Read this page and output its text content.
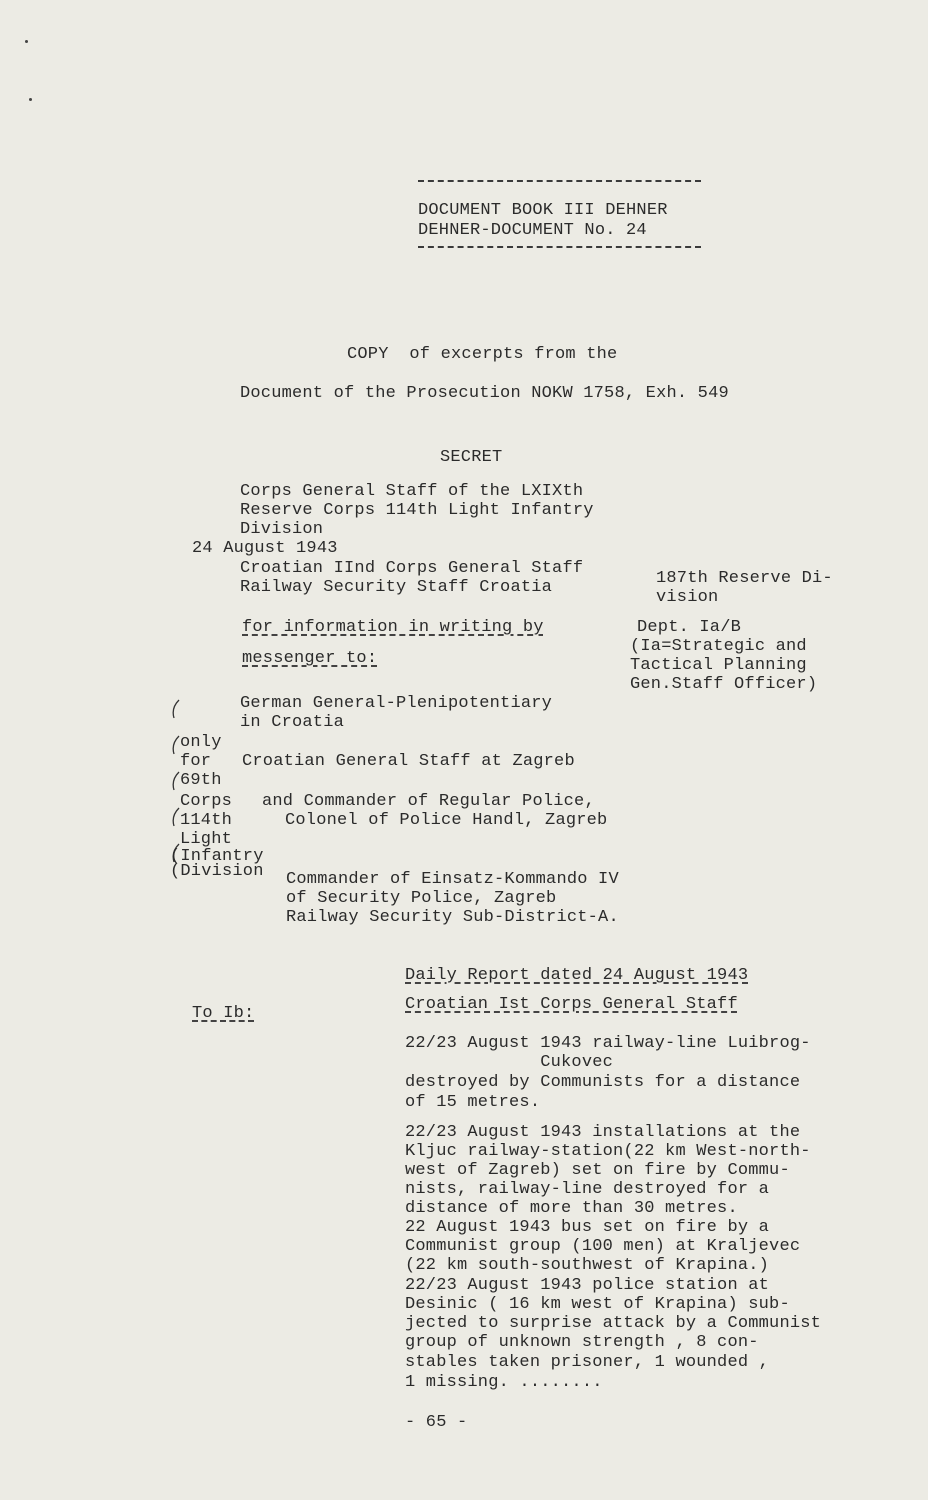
DOCUMENT BOOK III DEHNER
DEHNER-DOCUMENT No. 24
COPY  of excerpts from the
Document of the Prosecution NOKW 1758, Exh. 549
SECRET
Corps General Staff of the LXIXth
Reserve Corps 114th Light Infantry
Division
24 August 1943
Croatian IInd Corps General Staff
Railway Security Staff Croatia
for information in writing by
messenger to:
187th Reserve Di-
vision
Dept. Ia/B
(Ia=Strategic and
Tactical Planning
Gen.Staff Officer)
German General-Plenipotentiary
in Croatia
only
for Croatian General Staff at Zagreb
69th
Corps and Commander of Regular Police,
114th	Colonel of Police Handl, Zagreb
Light
(Infantry
(Division Commander of Einsatz-Kommando IV
of Security Police, Zagreb
Railway Security Sub-District-A.
Daily Report dated 24 August 1943
Croatian Ist Corps General Staff
To Ib:
22/23 August 1943 railway-line Luibrog-
Cukovec
destroyed by Communists for a distance
of 15 metres.
22/23 August 1943 installations at the
Kljuc railway-station(22 km West-north-
west of Zagreb) set on fire by Commu-
nists, railway-line destroyed for a
distance of more than 30 metres.
22 August 1943 bus set on fire by a
Communist group (100 men) at Kraljevec
(22 km south-southwest of Krapina.)
22/23 August 1943 police station at
Desinic ( 16 km west of Krapina) sub-
jected to surprise attack by a Communist
group of unknown strength , 8 con-
stables taken prisoner, 1 wounded ,
1 missing. ........
- 65 -
